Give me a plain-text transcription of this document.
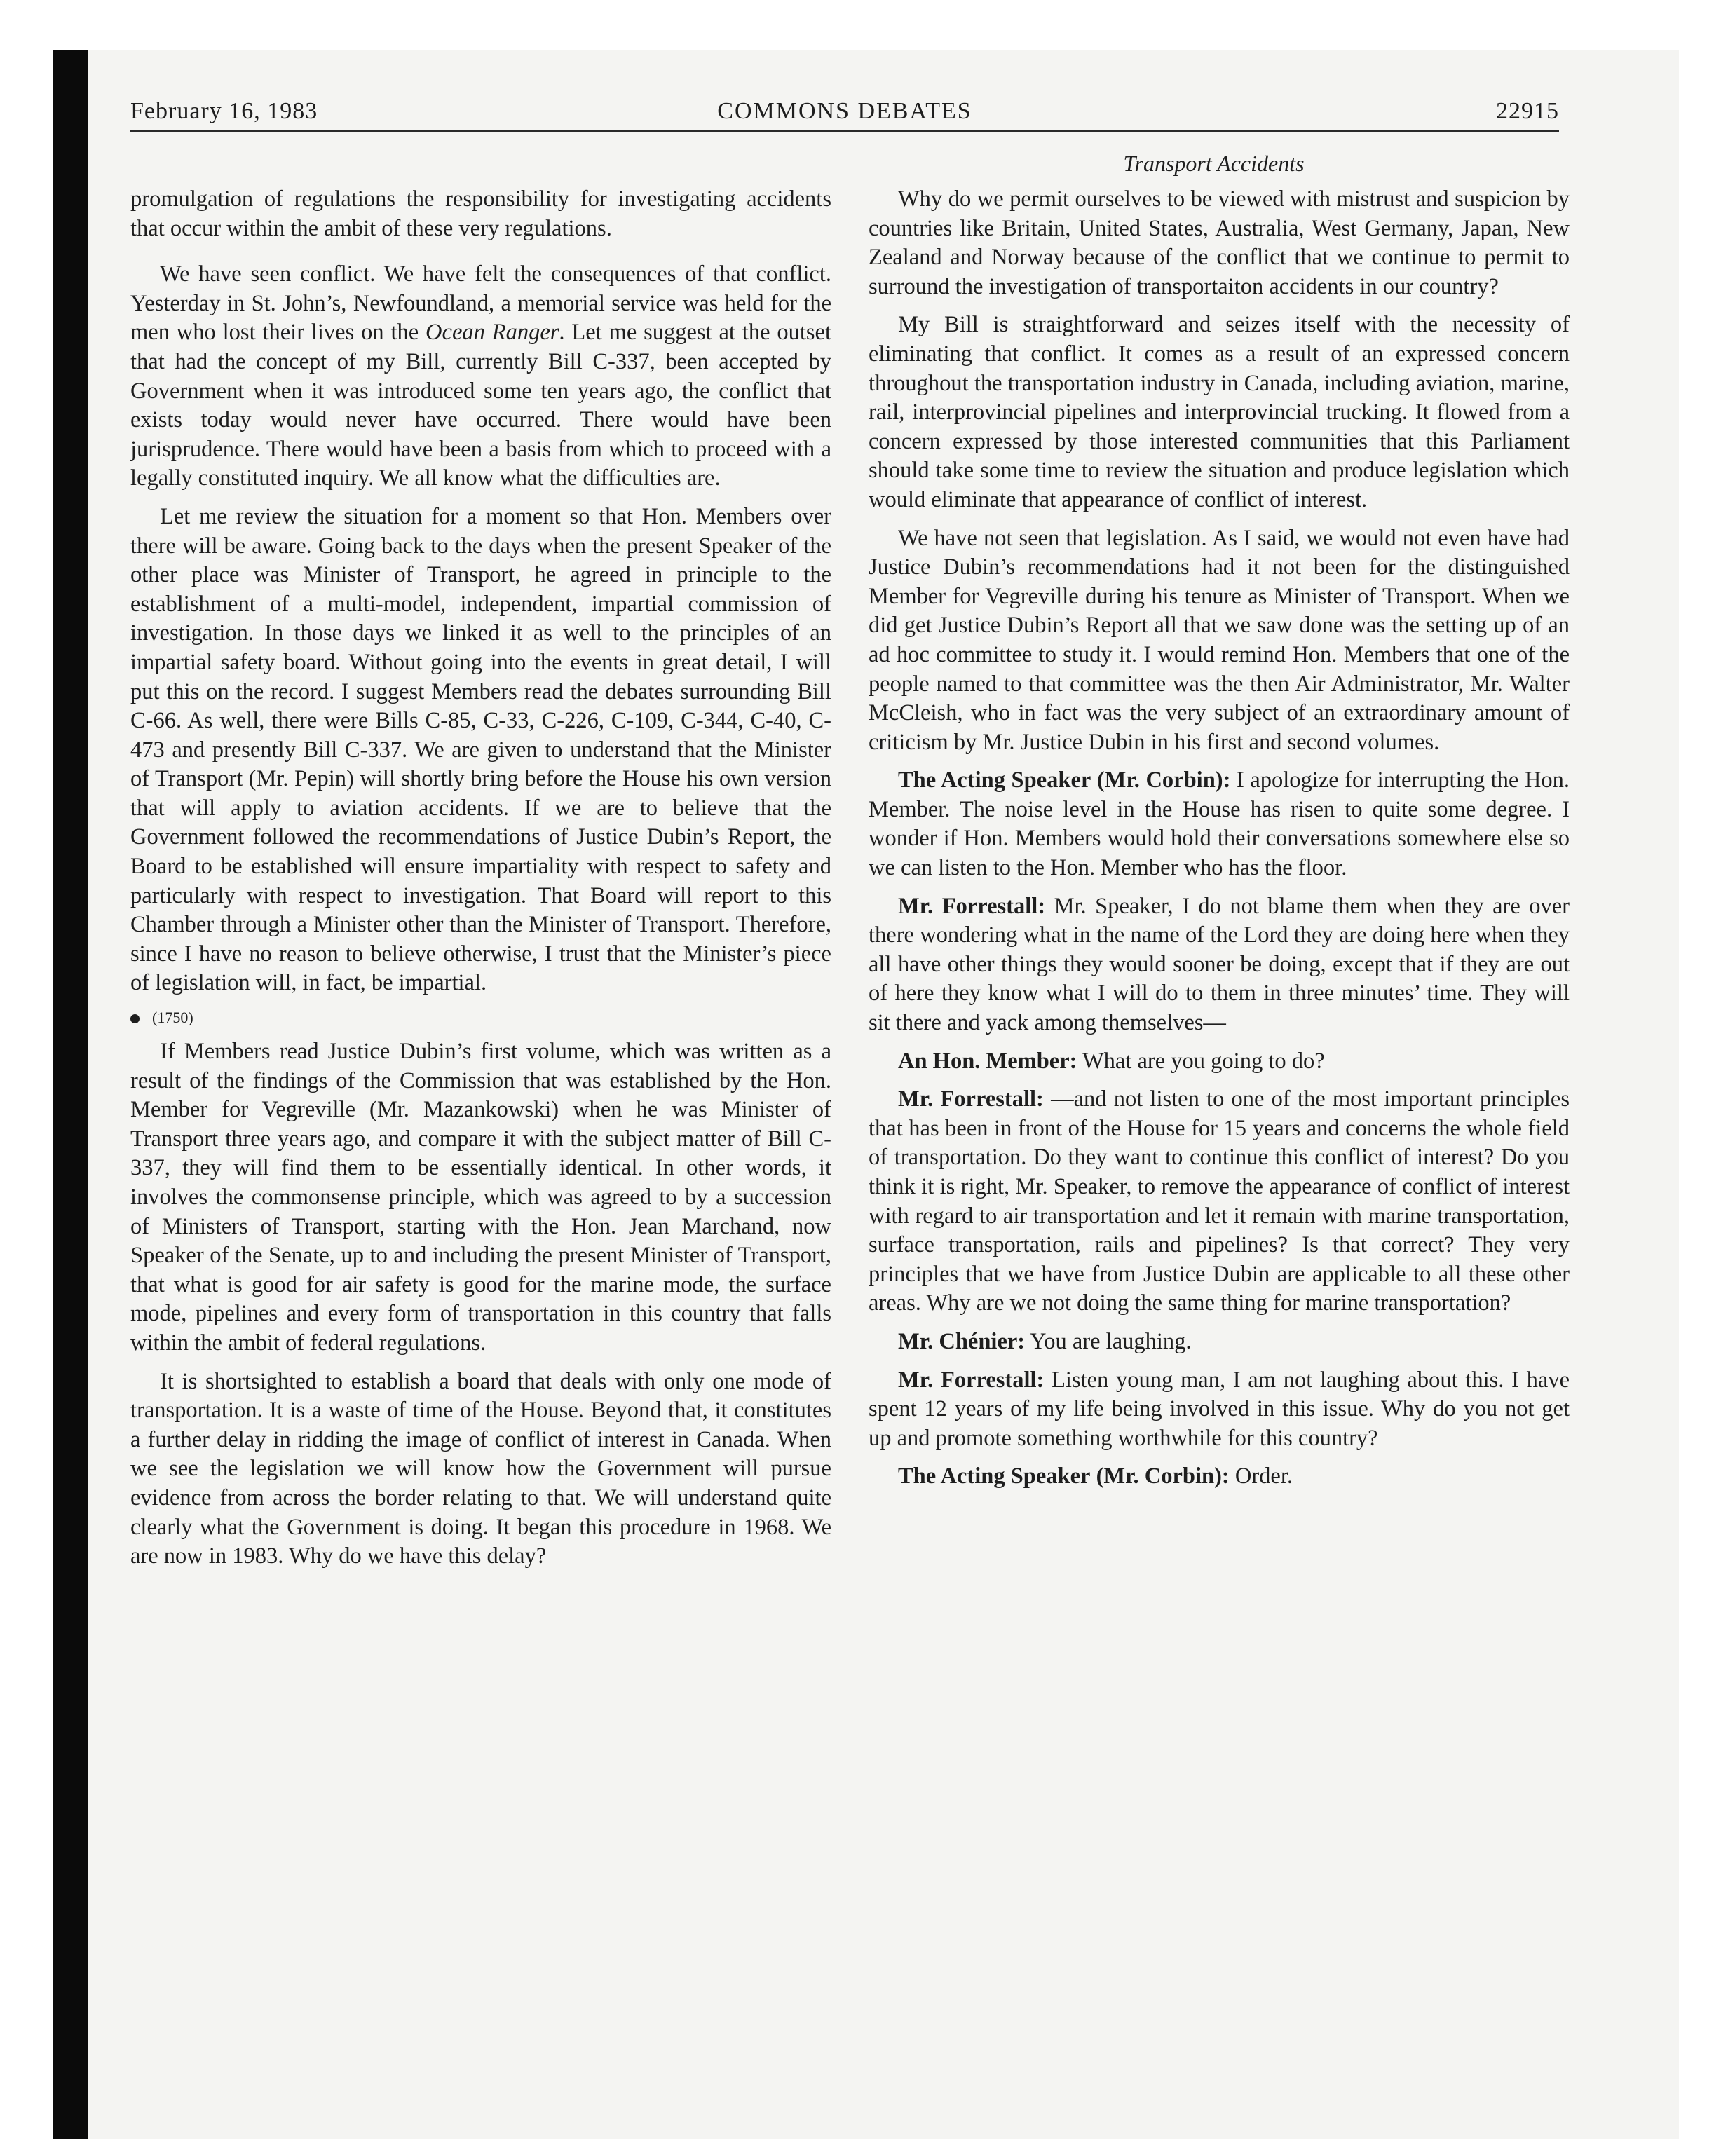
February 16, 1983	COMMONS DEBATES	22915
Transport Accidents

promulgation of regulations the responsibility for investigating accidents that occur within the ambit of these very regulations.

We have seen conflict. We have felt the consequences of that conflict. Yesterday in St. John’s, Newfoundland, a memorial service was held for the men who lost their lives on the Ocean Ranger. Let me suggest at the outset that had the concept of my Bill, currently Bill C-337, been accepted by Government when it was introduced some ten years ago, the conflict that exists today would never have occurred. There would have been jurisprudence. There would have been a basis from which to proceed with a legally constituted inquiry. We all know what the difficulties are.

Let me review the situation for a moment so that Hon. Members over there will be aware. Going back to the days when the present Speaker of the other place was Minister of Transport, he agreed in principle to the establishment of a multi-model, independent, impartial commission of investigation. In those days we linked it as well to the principles of an impartial safety board. Without going into the events in great detail, I will put this on the record. I suggest Members read the debates surrounding Bill C-66. As well, there were Bills C-85, C-33, C-226, C-109, C-344, C-40, C-473 and presently Bill C-337. We are given to understand that the Minister of Transport (Mr. Pepin) will shortly bring before the House his own version that will apply to aviation accidents. If we are to believe that the Government followed the recommendations of Justice Dubin’s Report, the Board to be established will ensure impartiality with respect to safety and particularly with respect to investigation. That Board will report to this Chamber through a Minister other than the Minister of Transport. Therefore, since I have no reason to believe otherwise, I trust that the Minister’s piece of legislation will, in fact, be impartial.

(1750)

If Members read Justice Dubin’s first volume, which was written as a result of the findings of the Commission that was established by the Hon. Member for Vegreville (Mr. Mazankowski) when he was Minister of Transport three years ago, and compare it with the subject matter of Bill C-337, they will find them to be essentially identical. In other words, it involves the commonsense principle, which was agreed to by a succession of Ministers of Transport, starting with the Hon. Jean Marchand, now Speaker of the Senate, up to and including the present Minister of Transport, that what is good for air safety is good for the marine mode, the surface mode, pipelines and every form of transportation in this country that falls within the ambit of federal regulations.

It is shortsighted to establish a board that deals with only one mode of transportation. It is a waste of time of the House. Beyond that, it constitutes a further delay in ridding the image of conflict of interest in Canada. When we see the legislation we will know how the Government will pursue evidence from across the border relating to that. We will understand quite clearly what the Government is doing. It began this procedure in 1968. We are now in 1983. Why do we have this delay?

Why do we permit ourselves to be viewed with mistrust and suspicion by countries like Britain, United States, Australia, West Germany, Japan, New Zealand and Norway because of the conflict that we continue to permit to surround the investigation of transportaiton accidents in our country?

My Bill is straightforward and seizes itself with the necessity of eliminating that conflict. It comes as a result of an expressed concern throughout the transportation industry in Canada, including aviation, marine, rail, interprovincial pipelines and interprovincial trucking. It flowed from a concern expressed by those interested communities that this Parliament should take some time to review the situation and produce legislation which would eliminate that appearance of conflict of interest.

We have not seen that legislation. As I said, we would not even have had Justice Dubin’s recommendations had it not been for the distinguished Member for Vegreville during his tenure as Minister of Transport. When we did get Justice Dubin’s Report all that we saw done was the setting up of an ad hoc committee to study it. I would remind Hon. Members that one of the people named to that committee was the then Air Administrator, Mr. Walter McCleish, who in fact was the very subject of an extraordinary amount of criticism by Mr. Justice Dubin in his first and second volumes.

The Acting Speaker (Mr. Corbin): I apologize for interrupting the Hon. Member. The noise level in the House has risen to quite some degree. I wonder if Hon. Members would hold their conversations somewhere else so we can listen to the Hon. Member who has the floor.

Mr. Forrestall: Mr. Speaker, I do not blame them when they are over there wondering what in the name of the Lord they are doing here when they all have other things they would sooner be doing, except that if they are out of here they know what I will do to them in three minutes’ time. They will sit there and yack among themselves—

An Hon. Member: What are you going to do?

Mr. Forrestall: —and not listen to one of the most important principles that has been in front of the House for 15 years and concerns the whole field of transportation. Do they want to continue this conflict of interest? Do you think it is right, Mr. Speaker, to remove the appearance of conflict of interest with regard to air transportation and let it remain with marine transportation, surface transportation, rails and pipelines? Is that correct? They very principles that we have from Justice Dubin are applicable to all these other areas. Why are we not doing the same thing for marine transportation?

Mr. Chénier: You are laughing.

Mr. Forrestall: Listen young man, I am not laughing about this. I have spent 12 years of my life being involved in this issue. Why do you not get up and promote something worthwhile for this country?

The Acting Speaker (Mr. Corbin): Order.
